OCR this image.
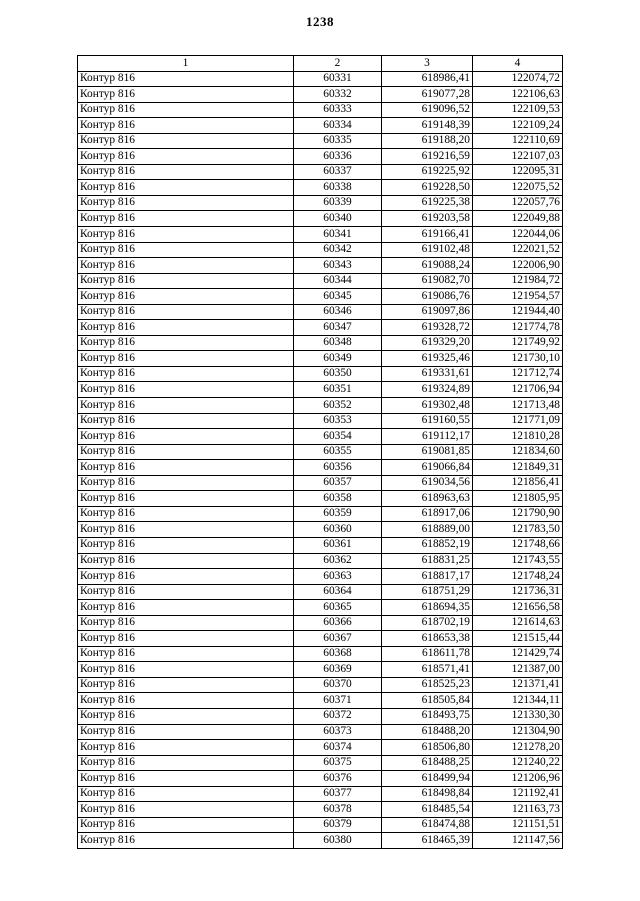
1238
1	2	3	4
Контур 816	60331	618986,41	122074,72
Контур 816	60332	619077,28	122106,63
Контур 816	60333	619096,52	122109,53
Контур 816	60334	619148,39	122109,24
Контур 816	60335	619188,20	122110,69
Контур 816	60336	619216,59	122107,03
Контур 816	60337	619225,92	122095,31
Контур 816	60338	619228,50	122075,52
Контур 816	60339	619225,38	122057,76
Контур 816	60340	619203,58	122049,88
Контур 816	60341	619166,41	122044,06
Контур 816	60342	619102,48	122021,52
Контур 816	60343	619088,24	122006,90
Контур 816	60344	619082,70	121984,72
Контур 816	60345	619086,76	121954,57
Контур 816	60346	619097,86	121944,40
Контур 816	60347	619328,72	121774,78
Контур 816	60348	619329,20	121749,92
Контур 816	60349	619325,46	121730,10
Контур 816	60350	619331,61	121712,74
Контур 816	60351	619324,89	121706,94
Контур 816	60352	619302,48	121713,48
Контур 816	60353	619160,55	121771,09
Контур 816	60354	619112,17	121810,28
Контур 816	60355	619081,85	121834,60
Контур 816	60356	619066,84	121849,31
Контур 816	60357	619034,56	121856,41
Контур 816	60358	618963,63	121805,95
Контур 816	60359	618917,06	121790,90
Контур 816	60360	618889,00	121783,50
Контур 816	60361	618852,19	121748,66
Контур 816	60362	618831,25	121743,55
Контур 816	60363	618817,17	121748,24
Контур 816	60364	618751,29	121736,31
Контур 816	60365	618694,35	121656,58
Контур 816	60366	618702,19	121614,63
Контур 816	60367	618653,38	121515,44
Контур 816	60368	618611,78	121429,74
Контур 816	60369	618571,41	121387,00
Контур 816	60370	618525,23	121371,41
Контур 816	60371	618505,84	121344,11
Контур 816	60372	618493,75	121330,30
Контур 816	60373	618488,20	121304,90
Контур 816	60374	618506,80	121278,20
Контур 816	60375	618488,25	121240,22
Контур 816	60376	618499,94	121206,96
Контур 816	60377	618498,84	121192,41
Контур 816	60378	618485,54	121163,73
Контур 816	60379	618474,88	121151,51
Контур 816	60380	618465,39	121147,56
